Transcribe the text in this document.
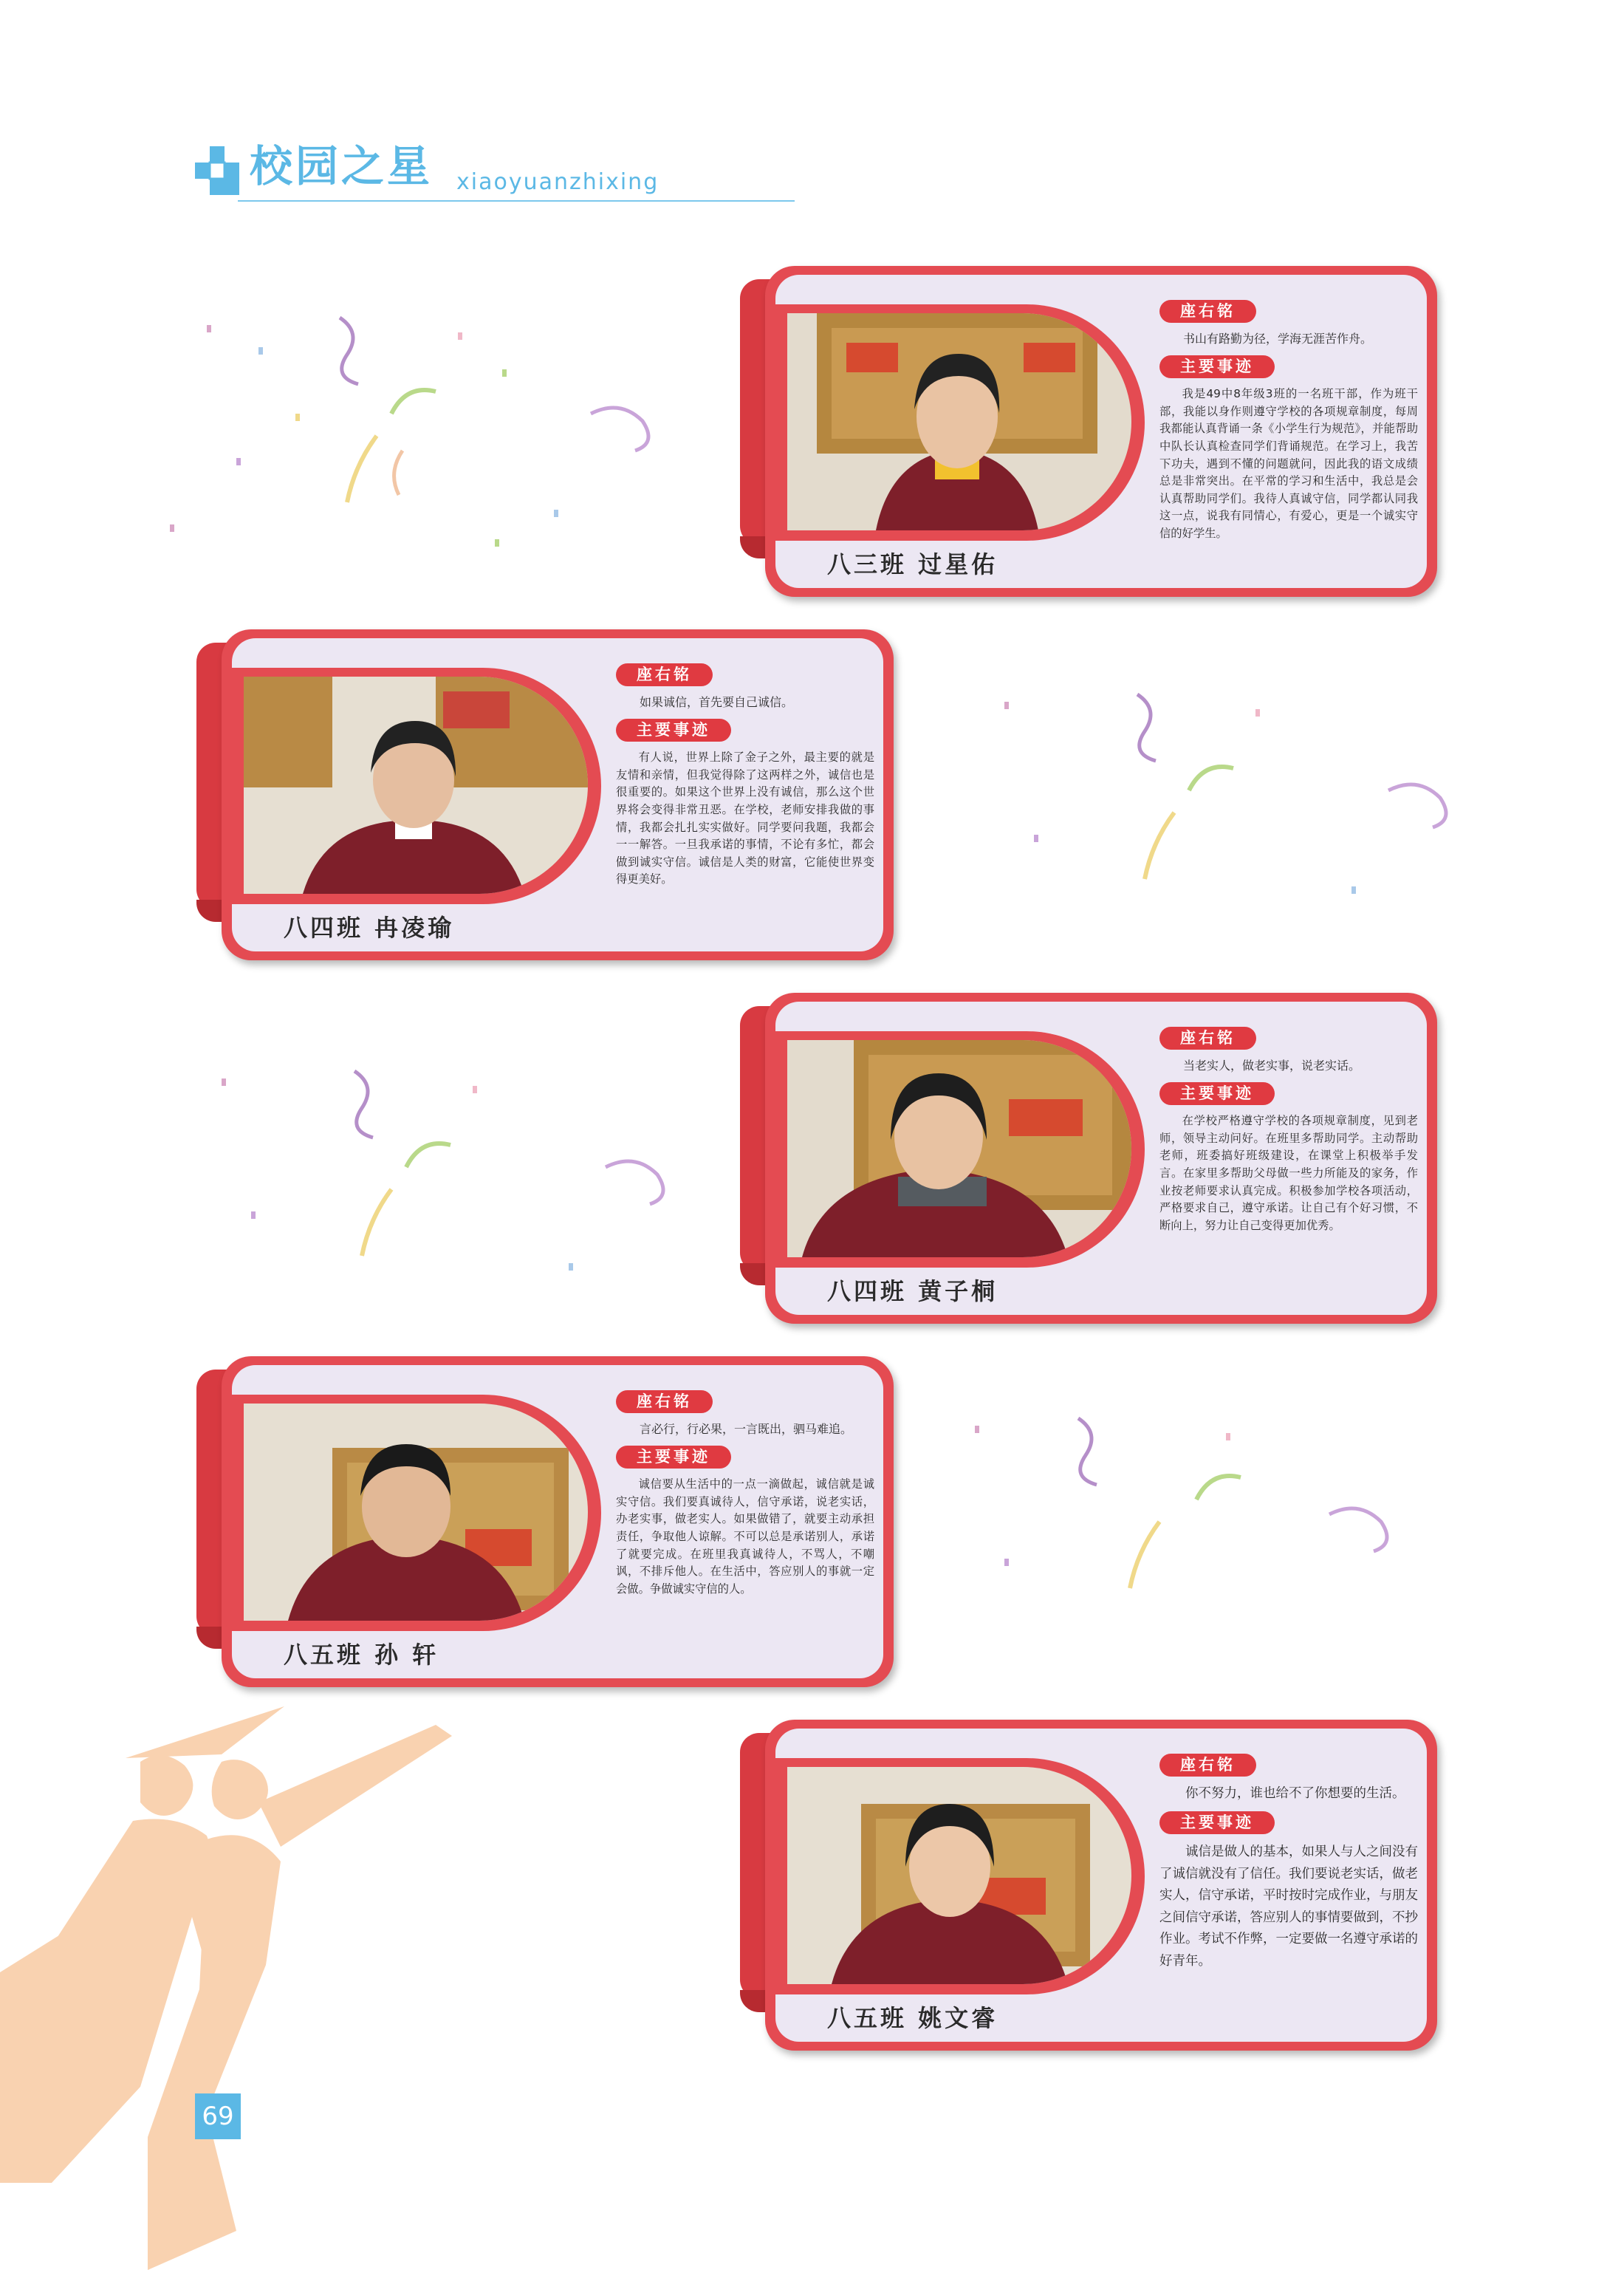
校园之星 xiaoyuanzhixing
69
八三班 过星佑
座右铭

书山有路勤为径，学海无涯苦作舟。

主要事迹

我是49中8年级3班的一名班干部，作为班干部，我能以身作则遵守学校的各项规章制度，每周我都能认真背诵一条《小学生行为规范》，并能帮助中队长认真检查同学们背诵规范。在学习上，我苦下功夫，遇到不懂的问题就问，因此我的语文成绩总是非常突出。在平常的学习和生活中，我总是会认真帮助同学们。我待人真诚守信，同学都认同我这一点，说我有同情心，有爱心，更是一个诚实守信的好学生。

八四班 冉凌瑜
座右铭

如果诚信，首先要自己诚信。

主要事迹

有人说，世界上除了金子之外，最主要的就是友情和亲情，但我觉得除了这两样之外，诚信也是很重要的。如果这个世界上没有诚信，那么这个世界将会变得非常丑恶。在学校，老师安排我做的事情，我都会扎扎实实做好。同学要问我题，我都会一一解答。一旦我承诺的事情，不论有多忙，都会做到诚实守信。诚信是人类的财富，它能使世界变得更美好。

八四班 黄子桐
座右铭

当老实人，做老实事，说老实话。

主要事迹

在学校严格遵守学校的各项规章制度，见到老师，领导主动问好。在班里多帮助同学。主动帮助老师，班委搞好班级建设，在课堂上积极举手发言。在家里多帮助父母做一些力所能及的家务，作业按老师要求认真完成。积极参加学校各项活动，严格要求自己，遵守承诺。让自己有个好习惯，不断向上，努力让自己变得更加优秀。

八五班 孙 轩
座右铭

言必行，行必果，一言既出，驷马难追。

主要事迹

诚信要从生活中的一点一滴做起，诚信就是诚实守信。我们要真诚待人，信守承诺，说老实话，办老实事，做老实人。如果做错了，就要主动承担责任，争取他人谅解。不可以总是承诺别人，承诺了就要完成。在班里我真诚待人，不骂人，不嘲讽，不排斥他人。在生活中，答应别人的事就一定会做。争做诚实守信的人。

八五班 姚文睿
座右铭

你不努力，谁也给不了你想要的生活。

主要事迹

诚信是做人的基本，如果人与人之间没有了诚信就没有了信任。我们要说老实话，做老实人，信守承诺，平时按时完成作业，与朋友之间信守承诺，答应别人的事情要做到，不抄作业。考试不作弊，一定要做一名遵守承诺的好青年。
